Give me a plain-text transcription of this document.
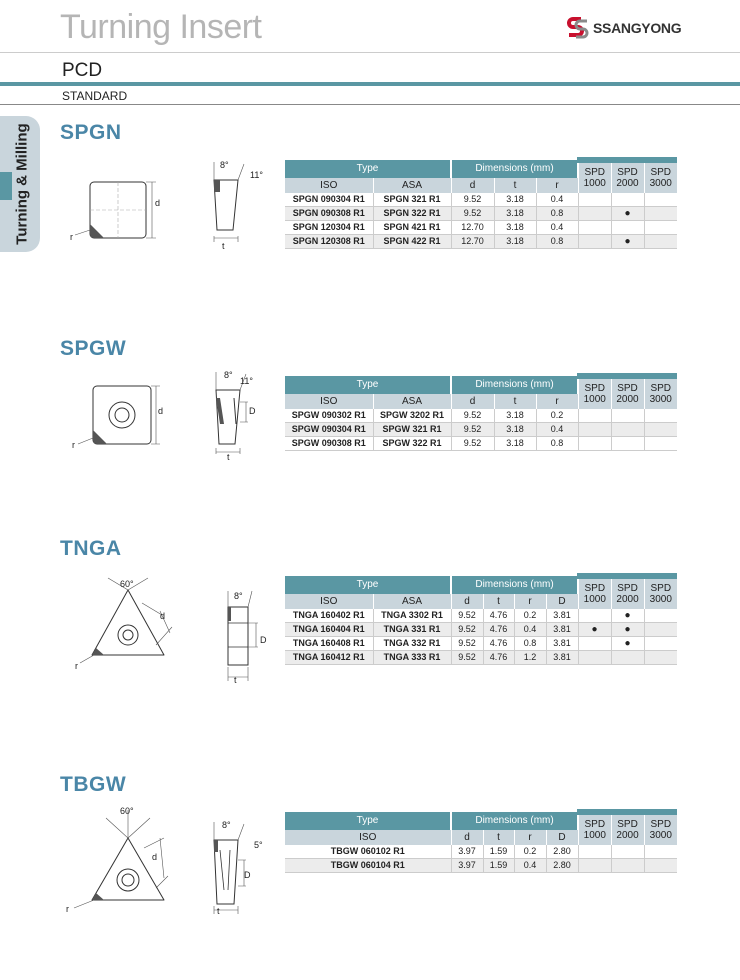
Turning Insert	SSANGYONG
PCD
STANDARD
Turning & Milling SPGN
d
r
8°
11°
t
Type		Dimensions (mm)			SPD
1000	SPD
2000	SPD
3000
ISO	ASA	d	t	r			
SPGN 090304 R1	SPGN 321 R1	9.52	3.18	0.4			
SPGN 090308 R1	SPGN 322 R1	9.52	3.18	0.8		●	
SPGN 120304 R1	SPGN 421 R1	12.70	3.18	0.4			
SPGN 120308 R1	SPGN 422 R1	12.70	3.18	0.8		●	
SPGW
d
r
8°
11°
D
t
Type		Dimensions (mm)			SPD
1000	SPD
2000	SPD
3000
ISO	ASA	d	t	r			
SPGW 090302 R1	SPGW 3202 R1	9.52	3.18	0.2			
SPGW 090304 R1	SPGW 321 R1	9.52	3.18	0.4			
SPGW 090308 R1	SPGW 322 R1	9.52	3.18	0.8			
TNGA
60°
d
r
8°
D
t
Type		Dimensions (mm)				SPD
1000	SPD
2000	SPD
3000
ISO	ASA	d	t	r	D			
TNGA 160402 R1	TNGA 3302 R1	9.52	4.76	0.2	3.81		●	
TNGA 160404 R1	TNGA 331 R1	9.52	4.76	0.4	3.81	●	●	
TNGA 160408 R1	TNGA 332 R1	9.52	4.76	0.8	3.81		●	
TNGA 160412 R1	TNGA 333 R1	9.52	4.76	1.2	3.81			
TBGW
60°
d
r
8°
5°
D
t
Type	Dimensions (mm)				SPD
1000	SPD
2000	SPD
3000
ISO	d	t	r	D			
TBGW 060102 R1	3.97	1.59	0.2	2.80			
TBGW 060104 R1	3.97	1.59	0.4	2.80			
